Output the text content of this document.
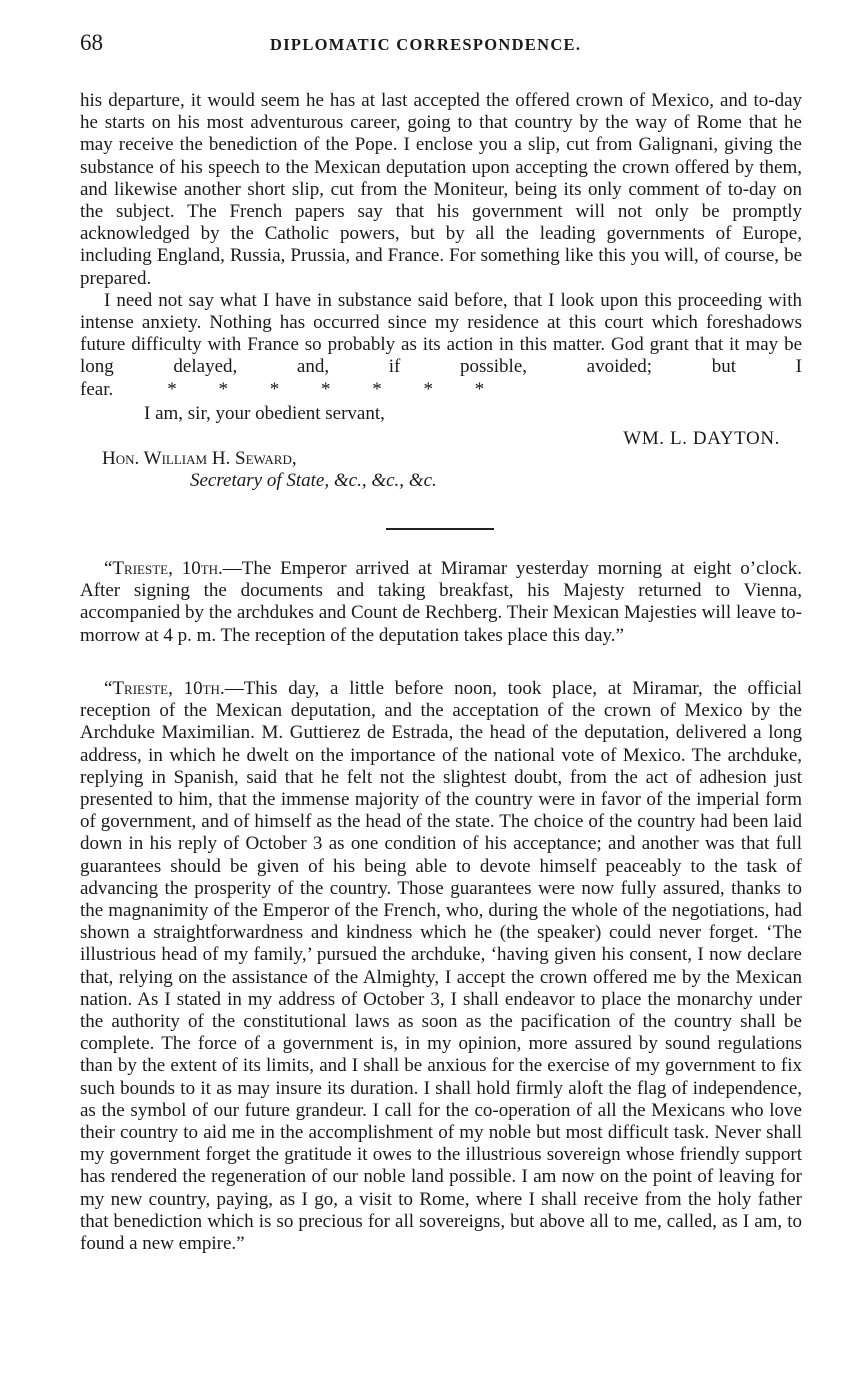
68	DIPLOMATIC CORRESPONDENCE.

his departure, it would seem he has at last accepted the offered crown of Mexico, and to-day he starts on his most adventurous career, going to that country by the way of Rome that he may receive the benediction of the Pope. I enclose you a slip, cut from Galignani, giving the substance of his speech to the Mexican deputation upon accepting the crown offered by them, and likewise another short slip, cut from the Moniteur, being its only comment of to-day on the subject. The French papers say that his government will not only be promptly acknowledged by the Catholic powers, but by all the leading governments of Europe, including England, Russia, Prussia, and France. For something like this you will, of course, be prepared.

I need not say what I have in substance said before, that I look upon this proceeding with intense anxiety. Nothing has occurred since my residence at this court which foreshadows future difficulty with France so probably as its action in this matter. God grant that it may be long delayed, and, if possible, avoided; but I fear.	*     *     *     *     *     *     *

I am, sir, your obedient servant,
WM. L. DAYTON.
Hon. William H. Seward,
Secretary of State, &c., &c., &c.

“Trieste, 10th.—The Emperor arrived at Miramar yesterday morning at eight o’clock. After signing the documents and taking breakfast, his Majesty returned to Vienna, accompanied by the archdukes and Count de Rechberg. Their Mexican Majesties will leave to-morrow at 4 p. m. The reception of the deputation takes place this day.”

“Trieste, 10th.—This day, a little before noon, took place, at Miramar, the official reception of the Mexican deputation, and the acceptation of the crown of Mexico by the Archduke Maximilian. M. Guttierez de Estrada, the head of the deputation, delivered a long address, in which he dwelt on the importance of the national vote of Mexico. The archduke, replying in Spanish, said that he felt not the slightest doubt, from the act of adhesion just presented to him, that the immense majority of the country were in favor of the imperial form of government, and of himself as the head of the state. The choice of the country had been laid down in his reply of October 3 as one condition of his acceptance; and another was that full guarantees should be given of his being able to devote himself peaceably to the task of advancing the prosperity of the country. Those guarantees were now fully assured, thanks to the magnanimity of the Emperor of the French, who, during the whole of the negotiations, had shown a straightforwardness and kindness which he (the speaker) could never forget. ‘The illustrious head of my family,’ pursued the archduke, ‘having given his consent, I now declare that, relying on the assistance of the Almighty, I accept the crown offered me by the Mexican nation. As I stated in my address of October 3, I shall endeavor to place the monarchy under the authority of the constitutional laws as soon as the pacification of the country shall be complete. The force of a government is, in my opinion, more assured by sound regulations than by the extent of its limits, and I shall be anxious for the exercise of my government to fix such bounds to it as may insure its duration. I shall hold firmly aloft the flag of independence, as the symbol of our future grandeur. I call for the co-operation of all the Mexicans who love their country to aid me in the accomplishment of my noble but most difficult task. Never shall my government forget the gratitude it owes to the illustrious sovereign whose friendly support has rendered the regeneration of our noble land possible. I am now on the point of leaving for my new country, paying, as I go, a visit to Rome, where I shall receive from the holy father that benediction which is so precious for all sovereigns, but above all to me, called, as I am, to found a new empire.”
